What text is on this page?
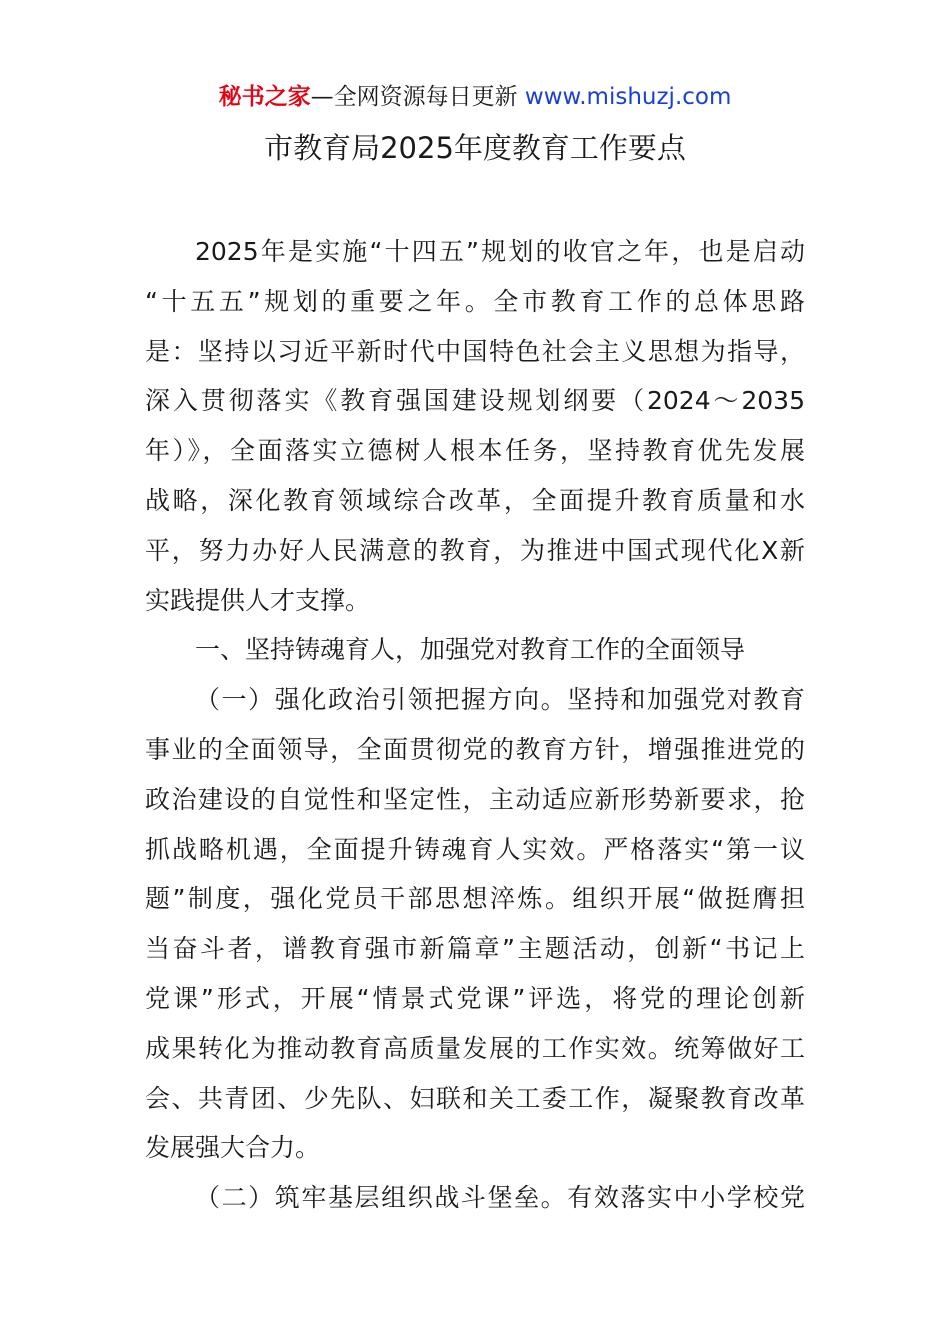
秘书之家—全网资源每日更新 www.mishuzj.com
市教育局2025年度教育工作要点
2025年是实施“十四五”规划的收官之年，也是启动
“十五五”规划的重要之年。全市教育工作的总体思路
是：坚持以习近平新时代中国特色社会主义思想为指导，
深入贯彻落实《教育强国建设规划纲要（2024～2035
年）》，全面落实立德树人根本任务，坚持教育优先发展
战略，深化教育领域综合改革，全面提升教育质量和水
平，努力办好人民满意的教育，为推进中国式现代化X新
实践提供人才支撑。
一、坚持铸魂育人，加强党对教育工作的全面领导
（一）强化政治引领把握方向。坚持和加强党对教育
事业的全面领导，全面贯彻党的教育方针，增强推进党的
政治建设的自觉性和坚定性，主动适应新形势新要求，抢
抓战略机遇，全面提升铸魂育人实效。严格落实“第一议
题”制度，强化党员干部思想淬炼。组织开展“做挺膺担
当奋斗者，谱教育强市新篇章”主题活动，创新“书记上
党课”形式，开展“情景式党课”评选，将党的理论创新
成果转化为推动教育高质量发展的工作实效。统筹做好工
会、共青团、少先队、妇联和关工委工作，凝聚教育改革
发展强大合力。
（二）筑牢基层组织战斗堡垒。有效落实中小学校党
